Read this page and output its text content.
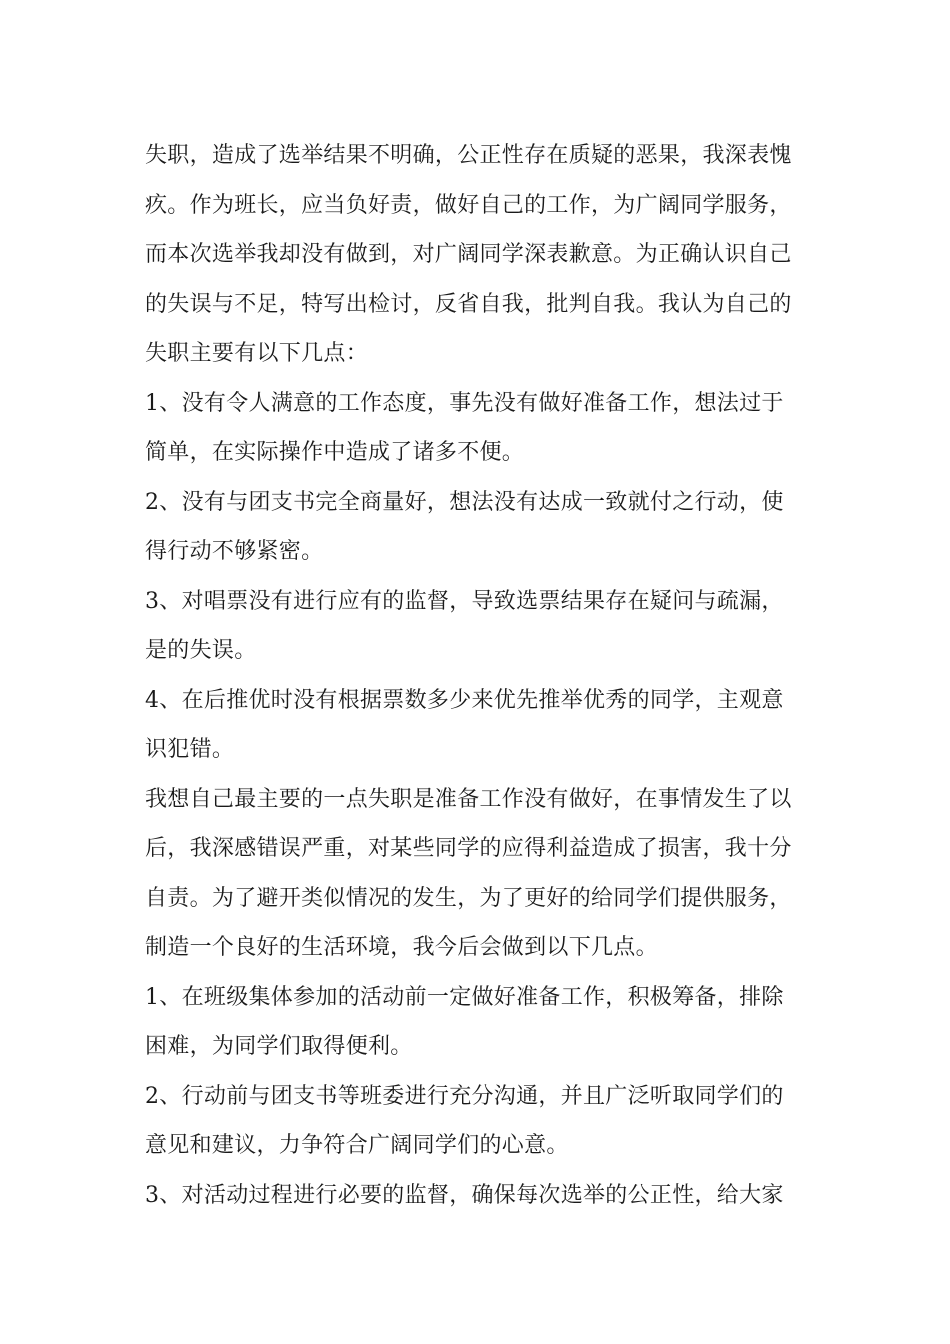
失职，造成了选举结果不明确，公正性存在质疑的恶果，我深表愧
疚。作为班长，应当负好责，做好自己的工作，为广阔同学服务，
而本次选举我却没有做到，对广阔同学深表歉意。为正确认识自己
的失误与不足，特写出检讨，反省自我，批判自我。我认为自己的
失职主要有以下几点：
1、没有令人满意的工作态度，事先没有做好准备工作，想法过于
简单，在实际操作中造成了诸多不便。
2、没有与团支书完全商量好，想法没有达成一致就付之行动，使
得行动不够紧密。
3、对唱票没有进行应有的监督，导致选票结果存在疑问与疏漏，
是的失误。
4、在后推优时没有根据票数多少来优先推举优秀的同学，主观意
识犯错。
我想自己最主要的一点失职是准备工作没有做好，在事情发生了以
后，我深感错误严重，对某些同学的应得利益造成了损害，我十分
自责。为了避开类似情况的发生，为了更好的给同学们提供服务，
制造一个良好的生活环境，我今后会做到以下几点。
1、在班级集体参加的活动前一定做好准备工作，积极筹备，排除
困难，为同学们取得便利。
2、行动前与团支书等班委进行充分沟通，并且广泛听取同学们的
意见和建议，力争符合广阔同学们的心意。
3、对活动过程进行必要的监督，确保每次选举的公正性，给大家
